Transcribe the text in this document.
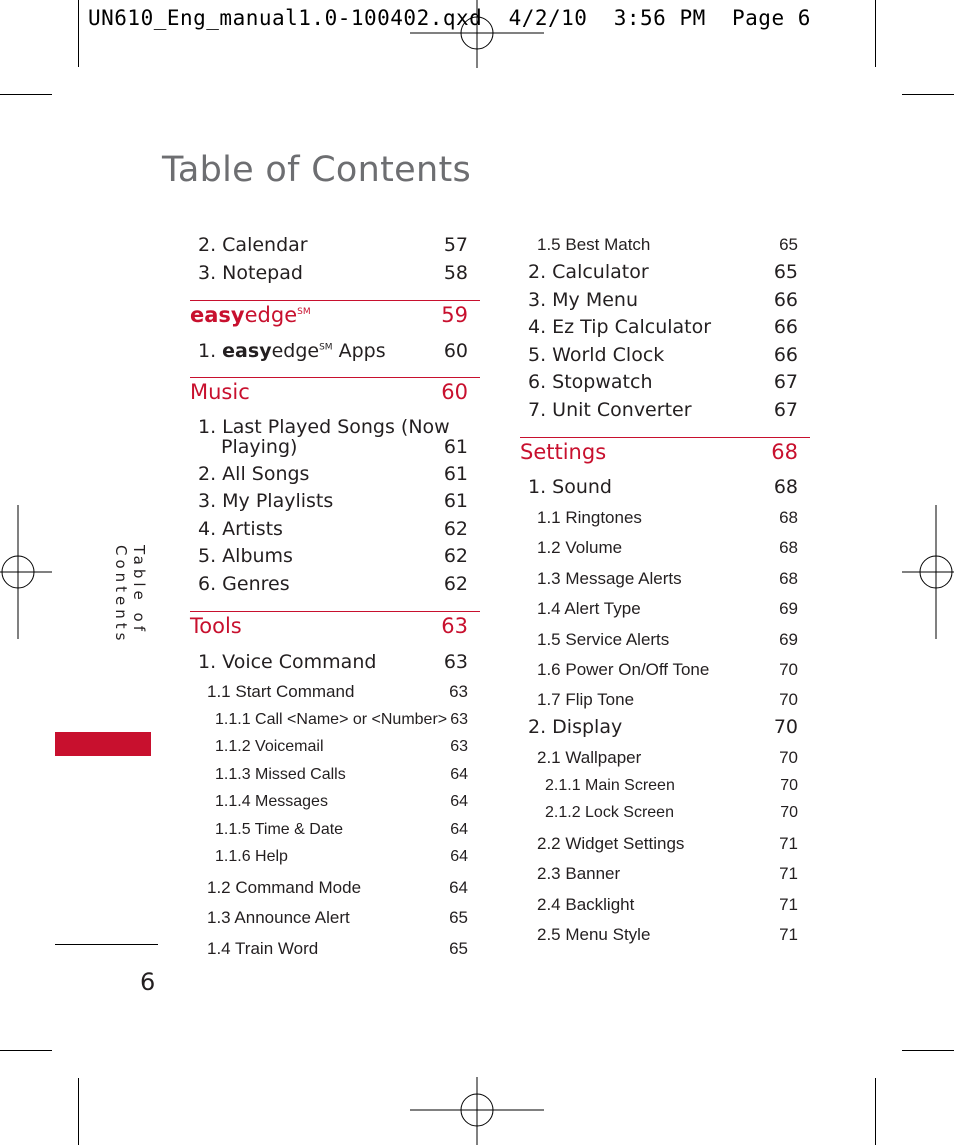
UN610_Eng_manual1.0-100402.qxd  4/2/10  3:56 PM  Page 6
Table of Contents
Table of Contents
6
2. Calendar	57
3. Notepad	58
easyedge℠	59
1. easyedge℠ Apps	60
Music	60
1. Last Played Songs (Now
Playing)	61
2. All Songs	61
3. My Playlists	61
4. Artists	62
5. Albums	62
6. Genres	62
Tools	63
1. Voice Command	63
1.1 Start Command	63
1.1.1 Call <Name> or <Number> 63
1.1.2 Voicemail	63
1.1.3 Missed Calls	64
1.1.4 Messages	64
1.1.5 Time & Date	64
1.1.6 Help	64
1.2 Command Mode	64
1.3 Announce Alert	65
1.4 Train Word	65
1.5 Best Match	65
2. Calculator	65
3. My Menu	66
4. Ez Tip Calculator	66
5. World Clock	66
6. Stopwatch	67
7. Unit Converter	67
Settings	68
1. Sound	68
1.1 Ringtones	68
1.2 Volume	68
1.3 Message Alerts	68
1.4 Alert Type	69
1.5 Service Alerts	69
1.6 Power On/Off Tone	70
1.7 Flip Tone	70
2. Display	70
2.1 Wallpaper	70
2.1.1 Main Screen	70
2.1.2 Lock Screen	70
2.2 Widget Settings	71
2.3 Banner	71
2.4 Backlight	71
2.5 Menu Style	71
